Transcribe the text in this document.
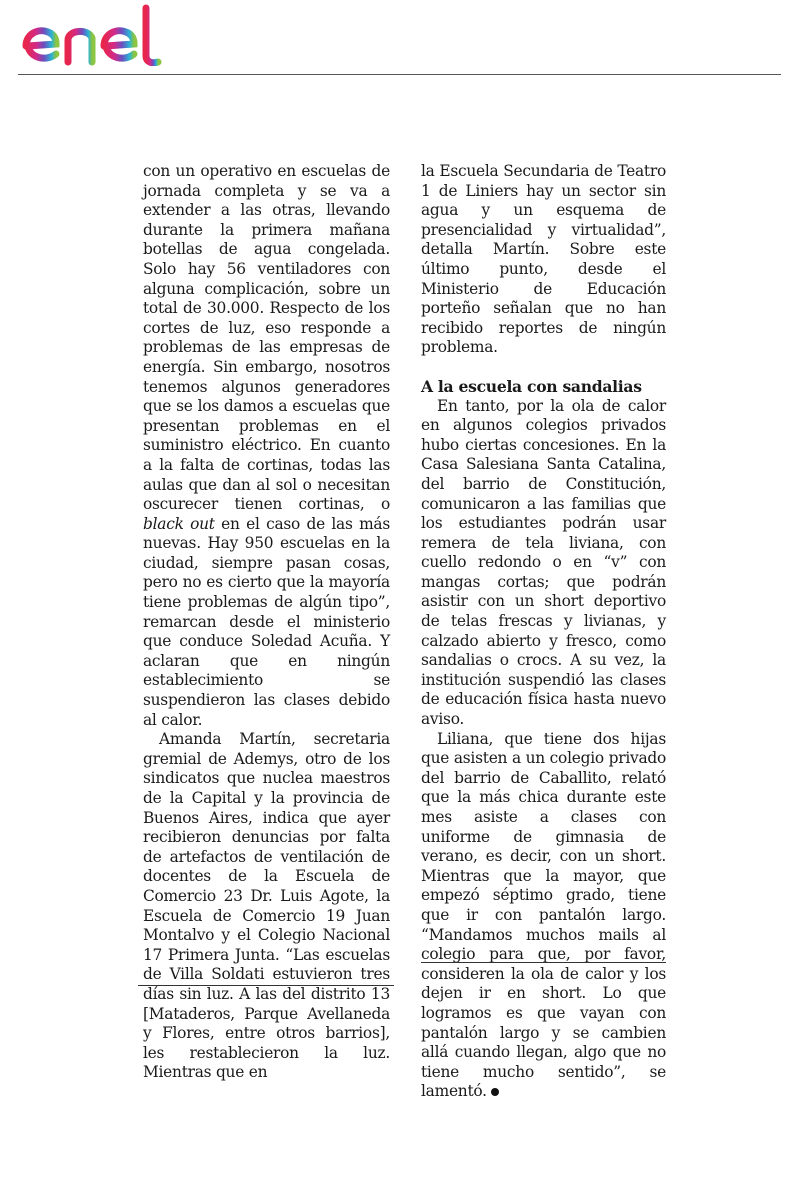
con un operativo en escuelas de jornada completa y se va a extender a las otras, llevando durante la primera mañana botellas de agua congelada. Solo hay 56 ventiladores con alguna complicación, sobre un total de 30.000. Respecto de los cortes de luz, eso responde a problemas de las empresas de energía. Sin embargo, nosotros tenemos algunos generadores que se los damos a escuelas que presentan problemas en el suministro eléctrico. En cuanto a la falta de cortinas, todas las aulas que dan al sol o necesitan oscurecer tienen cortinas, o black out en el caso de las más nuevas. Hay 950 escuelas en la ciudad, siempre pasan cosas, pero no es cierto que la mayoría tiene problemas de algún tipo”, remarcan desde el ministerio que conduce Soledad Acuña. Y aclaran que en ningún establecimiento se suspendieron las clases debido al calor.

Amanda Martín, secretaria gremial de Ademys, otro de los sindicatos que nuclea maestros de la Capital y la provincia de Buenos Aires, indica que ayer recibieron denuncias por falta de artefactos de ventilación de docentes de la Escuela de Comercio 23 Dr. Luis Agote, la Escuela de Comercio 19 Juan Montalvo y el Colegio Nacional 17 Primera Junta. “Las escuelas de Villa Soldati estuvieron tres días sin luz. A las del distrito 13 [Mataderos, Parque Avellaneda y Flores, entre otros barrios], les restablecieron la luz. Mientras que en

la Escuela Secundaria de Teatro 1 de Liniers hay un sector sin agua y un esquema de presencialidad y virtualidad”, detalla Martín. Sobre este último punto, desde el Ministerio de Educación porteño señalan que no han recibido reportes de ningún problema.

A la escuela con sandalias

En tanto, por la ola de calor en algunos colegios privados hubo ciertas concesiones. En la Casa Salesiana Santa Catalina, del barrio de Constitución, comunicaron a las familias que los estudiantes podrán usar remera de tela liviana, con cuello redondo o en “v” con mangas cortas; que podrán asistir con un short deportivo de telas frescas y livianas, y calzado abierto y fresco, como sandalias o crocs. A su vez, la institución suspendió las clases de educación física hasta nuevo aviso.

Liliana, que tiene dos hijas que asisten a un colegio privado del barrio de Caballito, relató que la más chica durante este mes asiste a clases con uniforme de gimnasia de verano, es decir, con un short. Mientras que la mayor, que empezó séptimo grado, tiene que ir con pantalón largo. “Mandamos muchos mails al colegio para que, por favor, consideren la ola de calor y los dejen ir en short. Lo que logramos es que vayan con pantalón largo y se cambien allá cuando llegan, algo que no tiene mucho sentido”, se lamentó.
